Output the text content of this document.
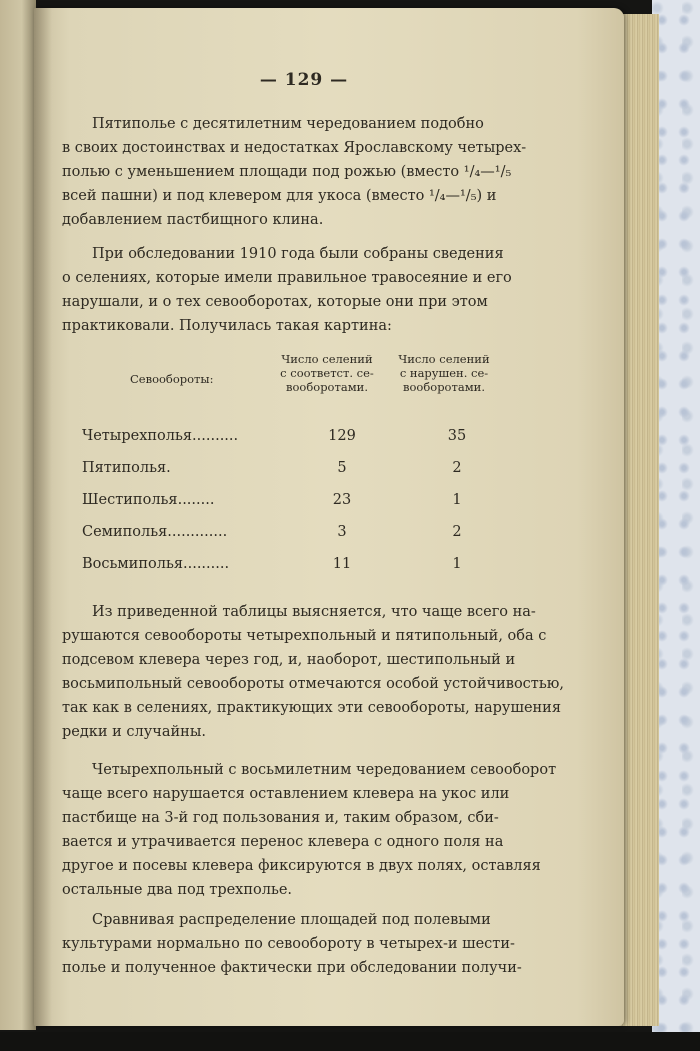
— 129 —
Пятиполье с десятилетним чередованием подобно
в своих достоинствах и недостатках Ярославскому четырех-
полью с уменьшением площади под рожью (вместо ¹/₄—¹/₅
всей пашни) и под клевером для укоса (вместо ¹/₄—¹/₅) и
добавлением пастбищного клина.
При обследовании 1910 года были собраны сведения
о селениях, которые имели правильное травосеяние и его
нарушали, и о тех севооборотах, которые они при этом
практиковали. Получилась такая картина:
Севообороты:
Число селений
с соответст. се-
вооборотами.
Число селений
с нарушен. се-
вооборотами.
Четырехполья..........	129	35
Пятиполья.	5	2
Шестиполья........	23	1
Семиполья.............	3	2
Восьмиполья..........	11	1
Из приведенной таблицы выясняется, что чаще всего на-
рушаются севообороты четырехпольный и пятипольный, оба с
подсевом клевера через год, и, наоборот, шестипольный и
восьмипольный севообороты отмечаются особой устойчивостью,
так как в селениях, практикующих эти севообороты, нарушения
редки и случайны.
Четырехпольный с восьмилетним чередованием севооборот
чаще всего нарушается оставлением клевера на укос или
пастбище на 3-й год пользования и, таким образом, сби-
вается и утрачивается перенос клевера с одного поля на
другое и посевы клевера фиксируются в двух полях, оставляя
остальные два под трехполье.
Сравнивая распределение площадей под полевыми
культурами нормально по севообороту в четырех-и шести-
полье и полученное фактически при обследовании получи-
